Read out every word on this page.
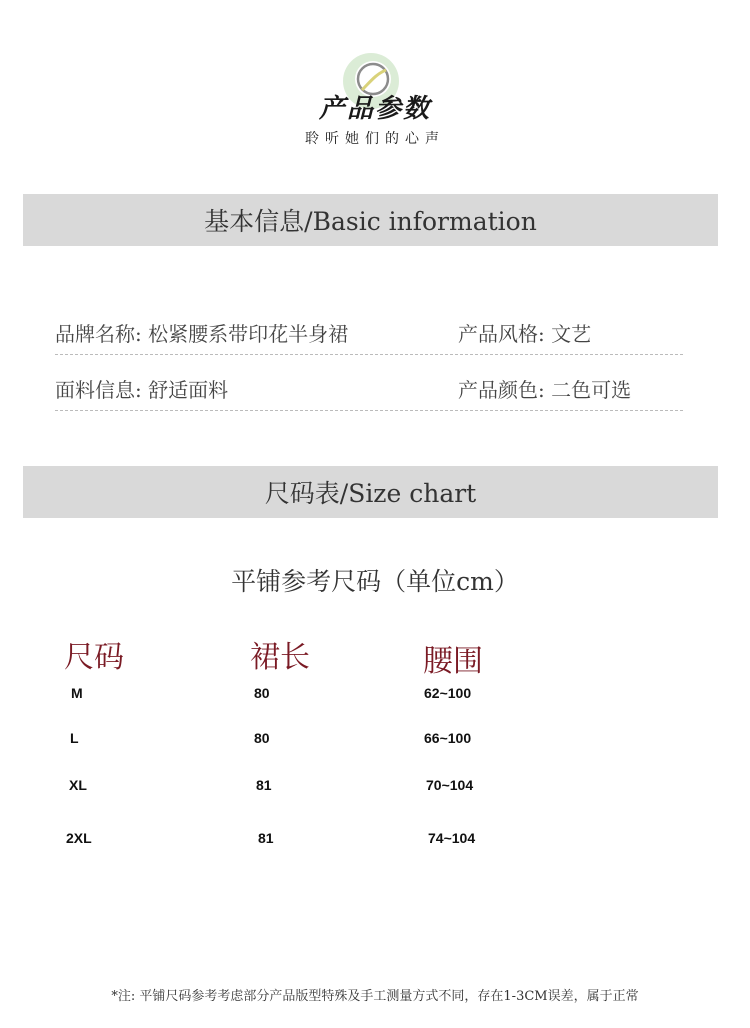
产品参数
聆听她们的心声
基本信息/Basic information
品牌名称: 松紧腰系带印花半身裙	产品风格: 文艺
面料信息: 舒适面料	产品颜色: 二色可选
尺码表/Size chart
平铺参考尺码（单位cm）
尺码	裙长	腰围
M	80	62~100
L	80	66~100
XL	81	70~104
2XL	81	74~104
*注: 平铺尺码参考考虑部分产品版型特殊及手工测量方式不同，存在1-3CM误差，属于正常
